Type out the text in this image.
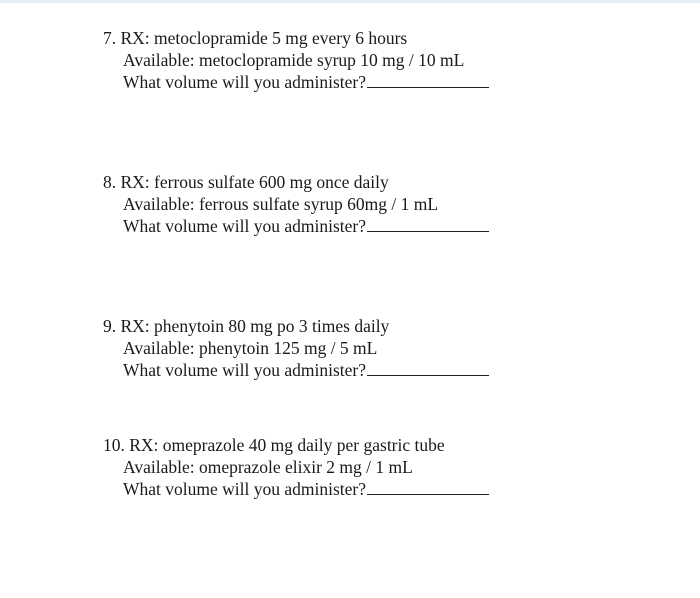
7. RX: metoclopramide 5 mg every 6 hours
Available: metoclopramide syrup 10 mg / 10 mL
What volume will you administer?
8. RX: ferrous sulfate 600 mg once daily
Available: ferrous sulfate syrup 60mg / 1 mL
What volume will you administer?
9. RX: phenytoin 80 mg po 3 times daily
Available: phenytoin 125 mg / 5 mL
What volume will you administer?
10. RX: omeprazole 40 mg daily per gastric tube
Available: omeprazole elixir 2 mg / 1 mL
What volume will you administer?
